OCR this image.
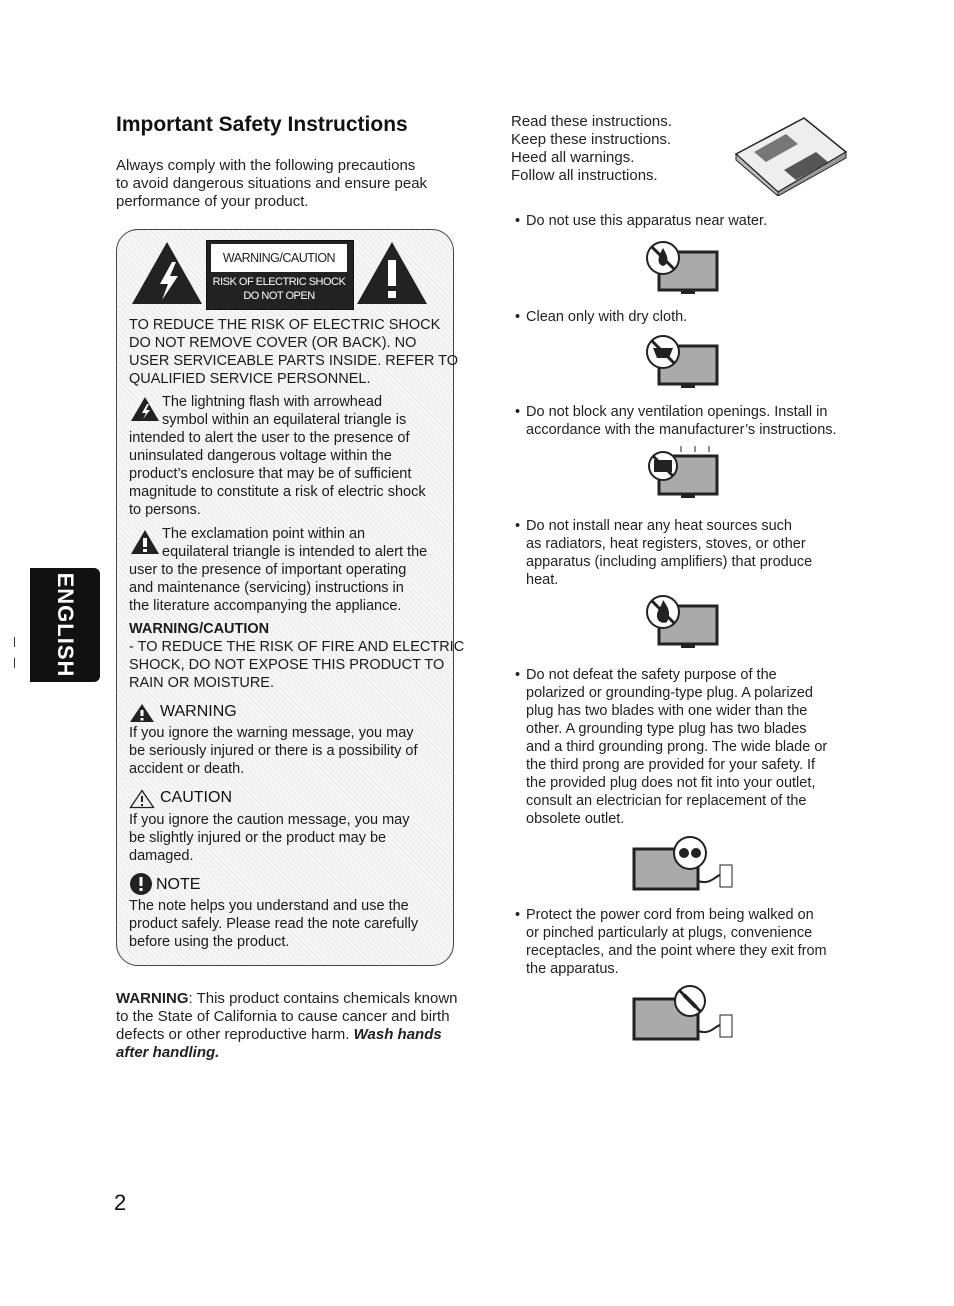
ENGLISH
Important Safety Instructions
Always comply with the following precautions
to avoid dangerous situations and ensure peak
performance of your product.
WARNING/CAUTION
RISK OF ELECTRIC SHOCK
DO NOT OPEN
TO REDUCE THE RISK OF ELECTRIC SHOCK
DO NOT REMOVE COVER (OR BACK). NO
USER SERVICEABLE PARTS INSIDE. REFER TO
QUALIFIED SERVICE PERSONNEL.
The lightning flash with arrowhead
symbol within an equilateral triangle is
intended to alert the user to the presence of
uninsulated dangerous voltage within the
product’s enclosure that may be of sufficient
magnitude to constitute a risk of electric shock
to persons.
The exclamation point within an
equilateral triangle is intended to alert the
user to the presence of important operating
and maintenance (servicing) instructions in
the literature accompanying the appliance.
WARNING/CAUTION
- TO REDUCE THE RISK OF FIRE AND ELECTRIC
SHOCK, DO NOT EXPOSE THIS PRODUCT TO
RAIN OR MOISTURE.
WARNING
If you ignore the warning message, you may
be seriously injured or there is a possibility of
accident or death.
CAUTION
If you ignore the caution message, you may
be slightly injured or the product may be
damaged.
NOTE
The note helps you understand and use the
product safely. Please read the note carefully
before using the product.
WARNING: This product contains chemicals known
to the State of California to cause cancer and birth
defects or other reproductive harm. Wash hands
after handling.
Read these instructions.
Keep these instructions.
Heed all warnings.
Follow all instructions.
• Do not use this apparatus near water.
• Clean only with dry cloth.
• Do not block any ventilation openings. Install in
accordance with the manufacturer’s instructions.
• Do not install near any heat sources such
as radiators, heat registers, stoves, or other
apparatus (including amplifiers) that produce
heat.
• Do not defeat the safety purpose of the
polarized or grounding-type plug. A polarized
plug has two blades with one wider than the
other. A grounding type plug has two blades
and a third grounding prong. The wide blade or
the third prong are provided for your safety. If
the provided plug does not fit into your outlet,
consult an electrician for replacement of the
obsolete outlet.
• Protect the power cord from being walked on
or pinched particularly at plugs, convenience
receptacles, and the point where they exit from
the apparatus.
2
